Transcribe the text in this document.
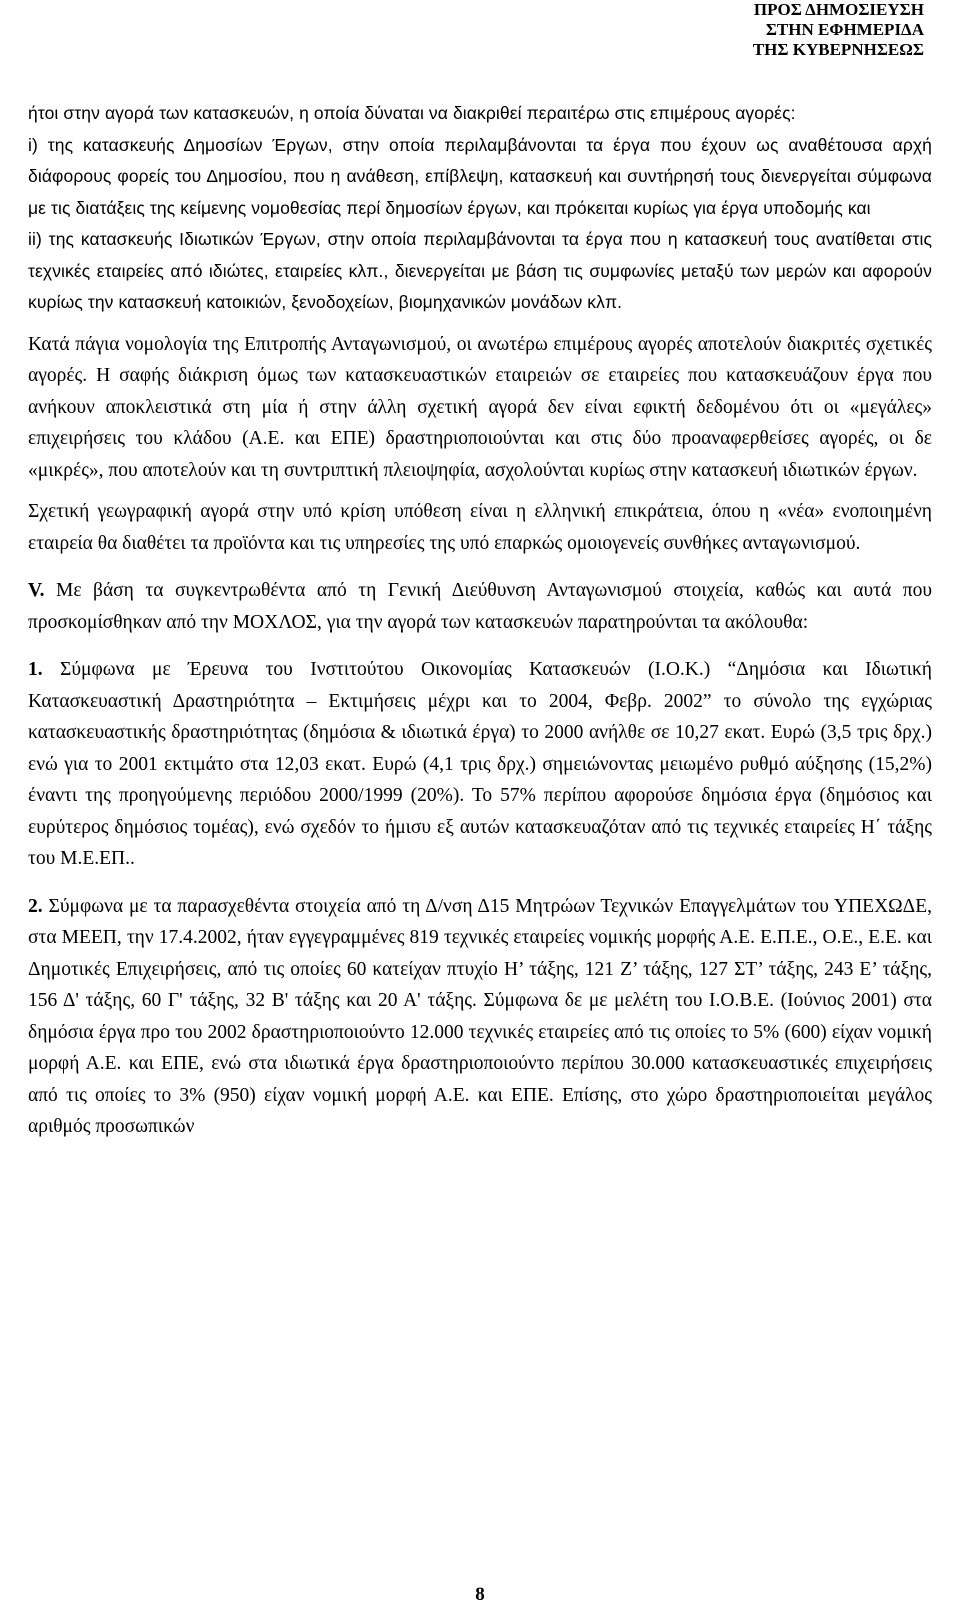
ΠΡΟΣ ΔΗΜΟΣΙΕΥΣΗ
ΣΤΗΝ ΕΦΗΜΕΡΙΔΑ
ΤΗΣ ΚΥΒΕΡΝΗΣΕΩΣ

ήτοι στην αγορά των κατασκευών, η οποία δύναται να διακριθεί περαιτέρω στις επιμέρους αγορές:

i) της κατασκευής Δημοσίων Έργων, στην οποία περιλαμβάνονται τα έργα που έχουν ως αναθέτουσα αρχή διάφορους φορείς του Δημοσίου, που η ανάθεση, επίβλεψη, κατασκευή και συντήρησή τους διενεργείται σύμφωνα με τις διατάξεις της κείμενης νομοθεσίας περί δημοσίων έργων, και πρόκειται κυρίως για έργα υποδομής και

ii) της κατασκευής Ιδιωτικών Έργων, στην οποία περιλαμβάνονται τα έργα που η κατασκευή τους ανατίθεται στις τεχνικές εταιρείες από ιδιώτες, εταιρείες κλπ., διενεργείται με βάση τις συμφωνίες μεταξύ των μερών και αφορούν κυρίως την κατασκευή κατοικιών, ξενοδοχείων, βιομηχανικών μονάδων κλπ.

Κατά πάγια νομολογία της Επιτροπής Ανταγωνισμού, οι ανωτέρω επιμέρους αγορές αποτελούν διακριτές σχετικές αγορές. Η σαφής διάκριση όμως των κατασκευαστικών εταιρειών σε εταιρείες που κατασκευάζουν έργα που ανήκουν αποκλειστικά στη μία ή στην άλλη σχετική αγορά δεν είναι εφικτή δεδομένου ότι οι «μεγάλες» επιχειρήσεις του κλάδου (Α.Ε. και ΕΠΕ) δραστηριοποιούνται και στις δύο προαναφερθείσες αγορές, οι δε «μικρές», που αποτελούν και τη συντριπτική πλειοψηφία, ασχολούνται κυρίως στην κατασκευή ιδιωτικών έργων.

Σχετική γεωγραφική αγορά στην υπό κρίση υπόθεση είναι η ελληνική επικράτεια, όπου η «νέα» ενοποιημένη εταιρεία θα διαθέτει τα προϊόντα και τις υπηρεσίες της υπό επαρκώς ομοιογενείς συνθήκες ανταγωνισμού.

V. Με βάση τα συγκεντρωθέντα από τη Γενική Διεύθυνση Ανταγωνισμού στοιχεία, καθώς και αυτά που προσκομίσθηκαν από την ΜΟΧΛΟΣ, για την αγορά των κατασκευών παρατηρούνται τα ακόλουθα:

1. Σύμφωνα με Έρευνα του Ινστιτούτου Οικονομίας Κατασκευών (Ι.Ο.Κ.) “Δημόσια και Ιδιωτική Κατασκευαστική Δραστηριότητα – Εκτιμήσεις μέχρι και το 2004, Φεβρ. 2002” το σύνολο της εγχώριας κατασκευαστικής δραστηριότητας (δημόσια & ιδιωτικά έργα) το 2000 ανήλθε σε 10,27 εκατ. Ευρώ (3,5 τρις δρχ.) ενώ για το 2001 εκτιμάτο στα 12,03 εκατ. Ευρώ (4,1 τρις δρχ.) σημειώνοντας μειωμένο ρυθμό αύξησης (15,2%) έναντι της προηγούμενης περιόδου 2000/1999 (20%). Το 57% περίπου αφορούσε δημόσια έργα (δημόσιος και ευρύτερος δημόσιος τομέας), ενώ σχεδόν το ήμισυ εξ αυτών κατασκευαζόταν από τις τεχνικές εταιρείες Η΄ τάξης του Μ.Ε.ΕΠ..

2. Σύμφωνα με τα παρασχεθέντα στοιχεία από τη Δ/νση Δ15 Μητρώων Τεχνικών Επαγγελμάτων του ΥΠΕΧΩΔΕ, στα ΜΕΕΠ, την 17.4.2002, ήταν εγγεγραμμένες 819 τεχνικές εταιρείες νομικής μορφής Α.Ε. Ε.Π.Ε., Ο.Ε., Ε.Ε. και Δημοτικές Επιχειρήσεις, από τις οποίες 60 κατείχαν πτυχίο Η’ τάξης, 121 Ζ’ τάξης, 127 ΣΤ’ τάξης, 243 Ε’ τάξης, 156 Δ' τάξης, 60 Γ' τάξης, 32 Β' τάξης και 20 Α' τάξης. Σύμφωνα δε με μελέτη του Ι.Ο.Β.Ε. (Ιούνιος 2001) στα δημόσια έργα προ του 2002 δραστηριοποιούντο 12.000 τεχνικές εταιρείες από τις οποίες το 5% (600) είχαν νομική μορφή Α.Ε. και ΕΠΕ, ενώ στα ιδιωτικά έργα δραστηριοποιούντο περίπου 30.000 κατασκευαστικές επιχειρήσεις από τις οποίες το 3% (950) είχαν νομική μορφή Α.Ε. και ΕΠΕ. Επίσης, στο χώρο δραστηριοποιείται μεγάλος αριθμός προσωπικών

8
